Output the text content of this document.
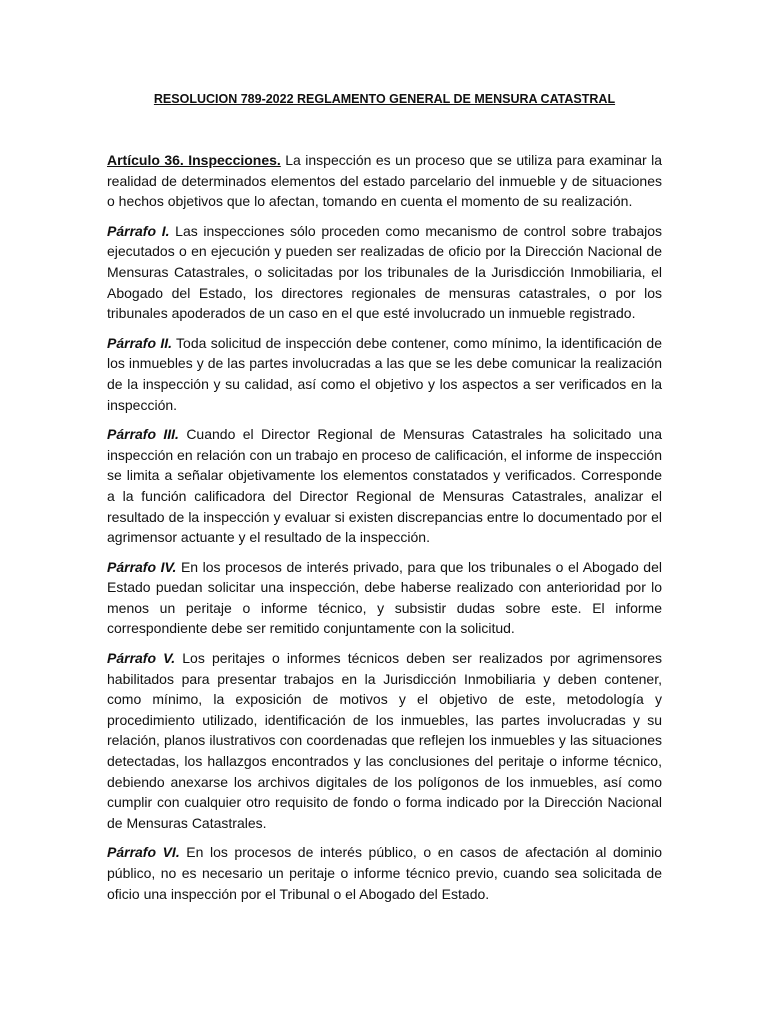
RESOLUCION 789-2022 REGLAMENTO GENERAL DE MENSURA CATASTRAL

Artículo 36. Inspecciones. La inspección es un proceso que se utiliza para examinar la realidad de determinados elementos del estado parcelario del inmueble y de situaciones o hechos objetivos que lo afectan, tomando en cuenta el momento de su realización.

Párrafo I. Las inspecciones sólo proceden como mecanismo de control sobre trabajos ejecutados o en ejecución y pueden ser realizadas de oficio por la Dirección Nacional de Mensuras Catastrales, o solicitadas por los tribunales de la Jurisdicción Inmobiliaria, el Abogado del Estado, los directores regionales de mensuras catastrales, o por los tribunales apoderados de un caso en el que esté involucrado un inmueble registrado.

Párrafo II. Toda solicitud de inspección debe contener, como mínimo, la identificación de los inmuebles y de las partes involucradas a las que se les debe comunicar la realización de la inspección y su calidad, así como el objetivo y los aspectos a ser verificados en la inspección.

Párrafo III. Cuando el Director Regional de Mensuras Catastrales ha solicitado una inspección en relación con un trabajo en proceso de calificación, el informe de inspección se limita a señalar objetivamente los elementos constatados y verificados. Corresponde a la función calificadora del Director Regional de Mensuras Catastrales, analizar el resultado de la inspección y evaluar si existen discrepancias entre lo documentado por el agrimensor actuante y el resultado de la inspección.

Párrafo IV. En los procesos de interés privado, para que los tribunales o el Abogado del Estado puedan solicitar una inspección, debe haberse realizado con anterioridad por lo menos un peritaje o informe técnico, y subsistir dudas sobre este. El informe correspondiente debe ser remitido conjuntamente con la solicitud.

Párrafo V. Los peritajes o informes técnicos deben ser realizados por agrimensores habilitados para presentar trabajos en la Jurisdicción Inmobiliaria y deben contener, como mínimo, la exposición de motivos y el objetivo de este, metodología y procedimiento utilizado, identificación de los inmuebles, las partes involucradas y su relación, planos ilustrativos con coordenadas que reflejen los inmuebles y las situaciones detectadas, los hallazgos encontrados y las conclusiones del peritaje o informe técnico, debiendo anexarse los archivos digitales de los polígonos de los inmuebles, así como cumplir con cualquier otro requisito de fondo o forma indicado por la Dirección Nacional de Mensuras Catastrales.

Párrafo VI. En los procesos de interés público, o en casos de afectación al dominio público, no es necesario un peritaje o informe técnico previo, cuando sea solicitada de oficio una inspección por el Tribunal o el Abogado del Estado.
